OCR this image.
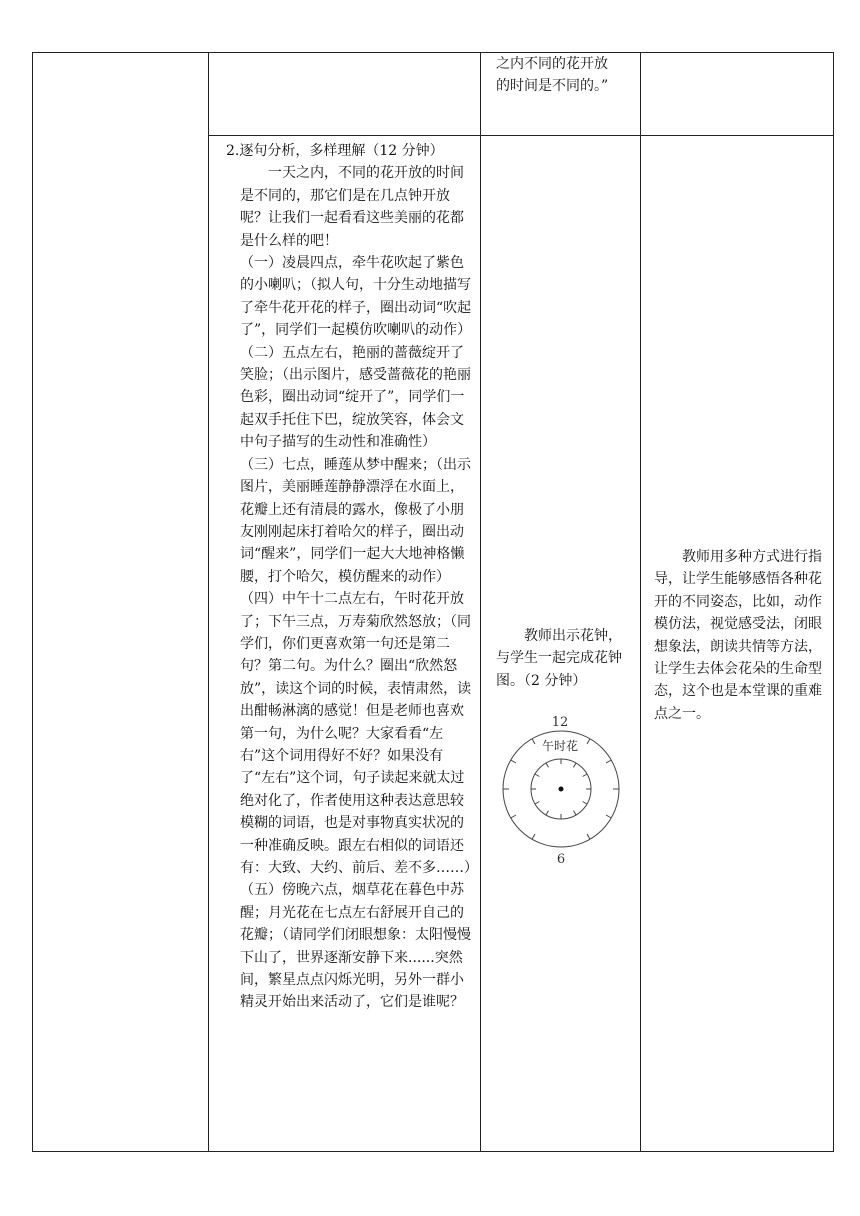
之内不同的花开放

的时间是不同的。”

2.逐句分析，多样理解（12 分钟）

一天之内，不同的花开放的时间是不同的，那它们是在几点钟开放呢？让我们一起看看这些美丽的花都是什么样的吧！

（一）凌晨四点，牵牛花吹起了紫色的小喇叭；（拟人句，十分生动地描写了牵牛花开花的样子，圈出动词“吹起了”，同学们一起模仿吹喇叭的动作）

（二）五点左右，艳丽的蔷薇绽开了笑脸；（出示图片，感受蔷薇花的艳丽色彩，圈出动词“绽开了”，同学们一起双手托住下巴，绽放笑容，体会文中句子描写的生动性和准确性）

（三）七点，睡莲从梦中醒来；（出示图片，美丽睡莲静静漂浮在水面上，花瓣上还有清晨的露水，像极了小朋友刚刚起床打着哈欠的样子，圈出动词“醒来”，同学们一起大大地神格懒腰，打个哈欠，模仿醒来的动作）

（四）中午十二点左右，午时花开放了；下午三点，万寿菊欣然怒放；（同学们，你们更喜欢第一句还是第二句？第二句。为什么？圈出“欣然怒放”，读这个词的时候，表情肃然，读出酣畅淋漓的感觉！但是老师也喜欢第一句，为什么呢？大家看看“左右”这个词用得好不好？如果没有了“左右”这个词，句子读起来就太过绝对化了，作者使用这种表达意思较模糊的词语，也是对事物真实状况的一种准确反映。跟左右相似的词语还有：大致、大约、前后、差不多……）

（五）傍晚六点，烟草花在暮色中苏醒；月光花在七点左右舒展开自己的花瓣；（请同学们闭眼想象：太阳慢慢下山了，世界逐渐安静下来......突然间，繁星点点闪烁光明，另外一群小精灵开始出来活动了，它们是谁呢？

教师出示花钟，与学生一起完成花钟图。（2 分钟）

12
午时花
6

教师用多种方式进行指导，让学生能够感悟各种花开的不同姿态，比如，动作模仿法，视觉感受法，闭眼想象法，朗读共情等方法，让学生去体会花朵的生命型态，这个也是本堂课的重难点之一。
